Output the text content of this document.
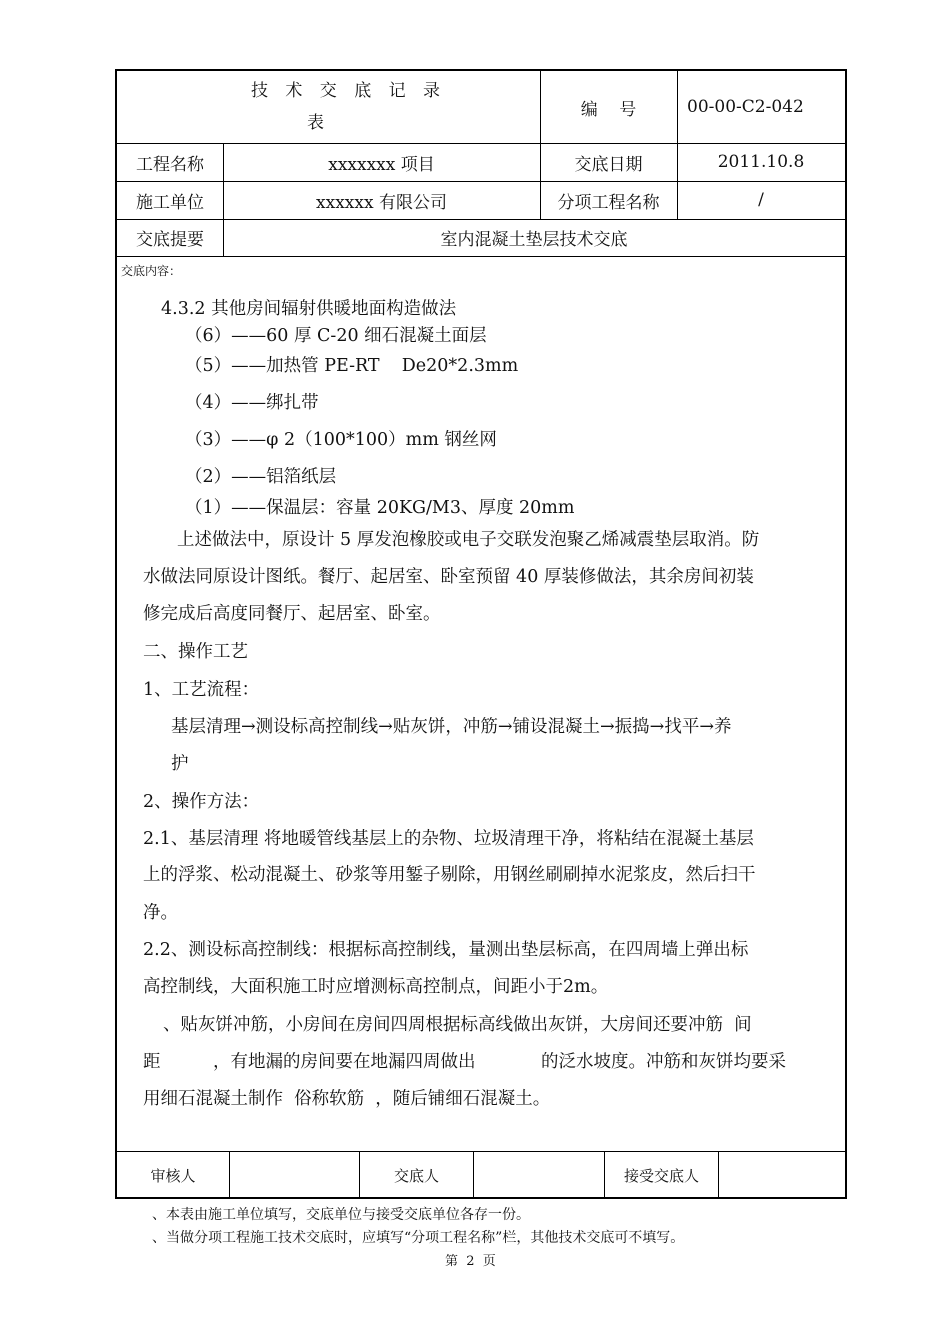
技 术 交 底 记 录
表
编    号	00-00-C2-042
工程名称	xxxxxxx 项目	交底日期	2011.10.8
施工单位	xxxxxx 有限公司	分项工程名称	/
交底提要	室内混凝土垫层技术交底
交底内容：
4.3.2 其他房间辐射供暖地面构造做法
（6）——60 厚 C-20 细石混凝土面层
（5）——加热管 PE-RT    De20*2.3mm
（4）——绑扎带
（3）——φ 2（100*100）mm 钢丝网
（2）——铝箔纸层
（1）——保温层：容量 20KG/M3、厚度 20mm
上述做法中，原设计 5 厚发泡橡胶或电子交联发泡聚乙烯减震垫层取消。防
水做法同原设计图纸。餐厅、起居室、卧室预留 40 厚装修做法，其余房间初装
修完成后高度同餐厅、起居室、卧室。
二、操作工艺
1、工艺流程：
基层清理→测设标高控制线→贴灰饼，冲筋→铺设混凝土→振捣→找平→养
护
2、操作方法：
2.1、基层清理 将地暖管线基层上的杂物、垃圾清理干净，将粘结在混凝土基层
上的浮浆、松动混凝土、砂浆等用錾子剔除，用钢丝刷刷掉水泥浆皮，然后扫干
净。
2.2、测设标高控制线：根据标高控制线，量测出垫层标高，在四周墙上弹出标
高控制线，大面积施工时应增测标高控制点，间距小于2m。
、贴灰饼冲筋，小房间在房间四周根据标高线做出灰饼，大房间还要冲筋  间
距	，有地漏的房间要在地漏四周做出	的泛水坡度。冲筋和灰饼均要采
用细石混凝土制作  俗称软筋  ，随后铺细石混凝土。
审核人	交底人	接受交底人
、本表由施工单位填写，交底单位与接受交底单位各存一份。
、当做分项工程施工技术交底时，应填写“分项工程名称”栏，其他技术交底可不填写。
第  2  页
